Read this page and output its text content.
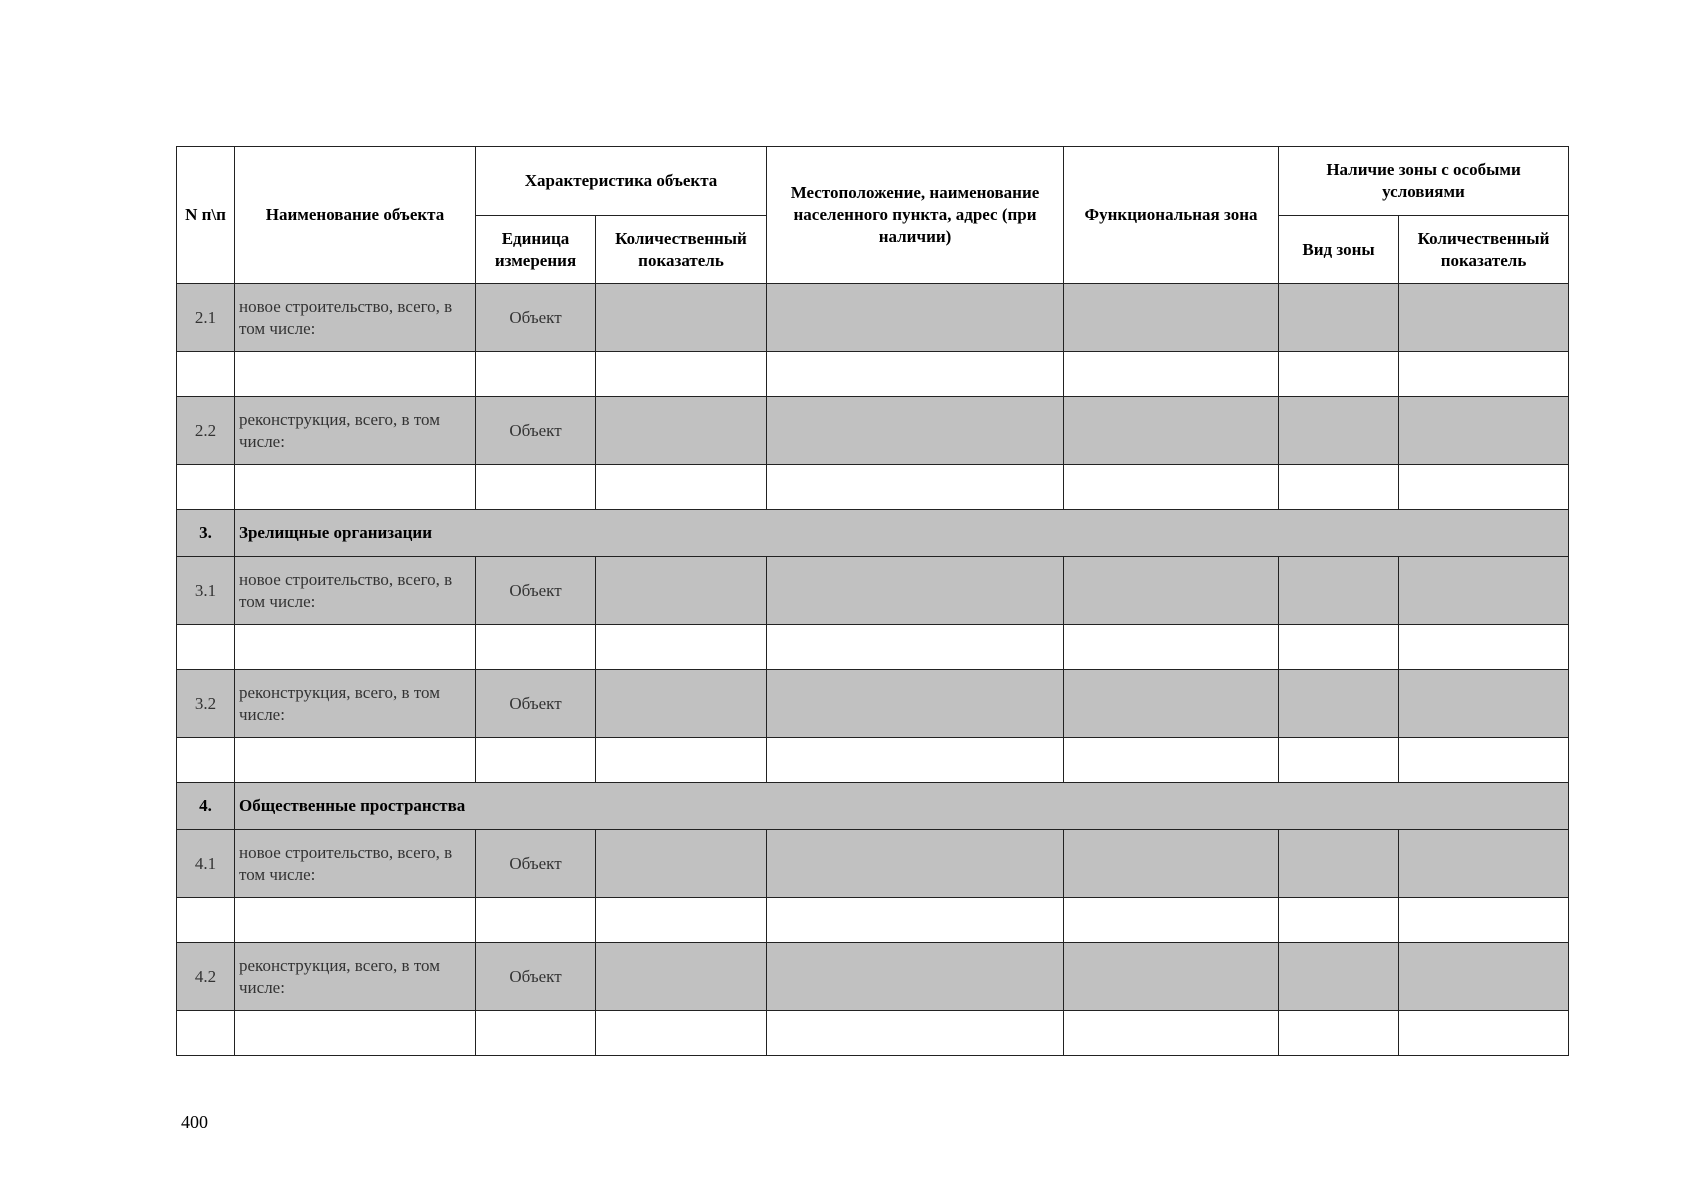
N п\п	Наименование объекта	Характеристика объекта		Местоположение, наименование населенного пункта, адрес (при наличии)	Функциональная зона	Наличие зоны с особыми условиями	
		Единица измерения	Количественный показатель			Вид зоны	Количественный показатель
2.1	новое строительство, всего, в том числе:	Объект					

2.2	реконструкция, всего, в том числе:	Объект					

3.	Зрелищные организации						
3.1	новое строительство, всего, в том числе:	Объект					

3.2	реконструкция, всего, в том числе:	Объект					

4.	Общественные пространства						
4.1	новое строительство, всего, в том числе:	Объект					

4.2	реконструкция, всего, в том числе:	Объект					

400
